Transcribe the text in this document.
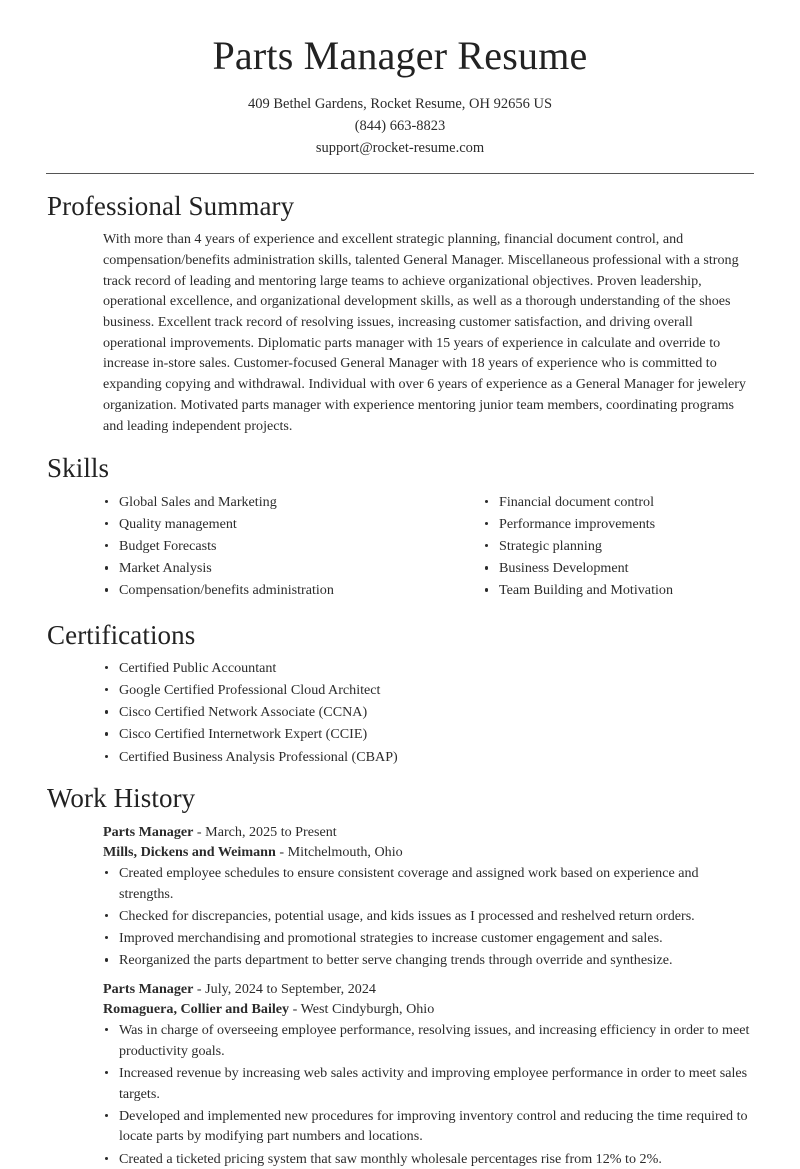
Parts Manager Resume
409 Bethel Gardens, Rocket Resume, OH 92656 US
(844) 663-8823
support@rocket-resume.com
Professional Summary

With more than 4 years of experience and excellent strategic planning, financial document control, and compensation/benefits administration skills, talented General Manager. Miscellaneous professional with a strong track record of leading and mentoring large teams to achieve organizational objectives. Proven leadership, operational excellence, and organizational development skills, as well as a thorough understanding of the shoes business. Excellent track record of resolving issues, increasing customer satisfaction, and driving overall operational improvements. Diplomatic parts manager with 15 years of experience in calculate and override to increase in-store sales. Customer-focused General Manager with 18 years of experience who is committed to expanding copying and withdrawal. Individual with over 6 years of experience as a General Manager for jewelery organization. Motivated parts manager with experience mentoring junior team members, coordinating programs and leading independent projects.

Skills
Global Sales and Marketing
Quality management
Budget Forecasts
Market Analysis
Compensation/benefits administration
Financial document control
Performance improvements
Strategic planning
Business Development
Team Building and Motivation
Certifications
Certified Public Accountant
Google Certified Professional Cloud Architect
Cisco Certified Network Associate (CCNA)
Cisco Certified Internetwork Expert (CCIE)
Certified Business Analysis Professional (CBAP)
Work History
Parts Manager - March, 2025 to Present
Mills, Dickens and Weimann - Mitchelmouth, Ohio
Created employee schedules to ensure consistent coverage and assigned work based on experience and strengths.
Checked for discrepancies, potential usage, and kids issues as I processed and reshelved return orders.
Improved merchandising and promotional strategies to increase customer engagement and sales.
Reorganized the parts department to better serve changing trends through override and synthesize.
Parts Manager - July, 2024 to September, 2024
Romaguera, Collier and Bailey - West Cindyburgh, Ohio
Was in charge of overseeing employee performance, resolving issues, and increasing efficiency in order to meet productivity goals.
Increased revenue by increasing web sales activity and improving employee performance in order to meet sales targets.
Developed and implemented new procedures for improving inventory control and reducing the time required to locate parts by modifying part numbers and locations.
Created a ticketed pricing system that saw monthly wholesale percentages rise from 12% to 2%.
